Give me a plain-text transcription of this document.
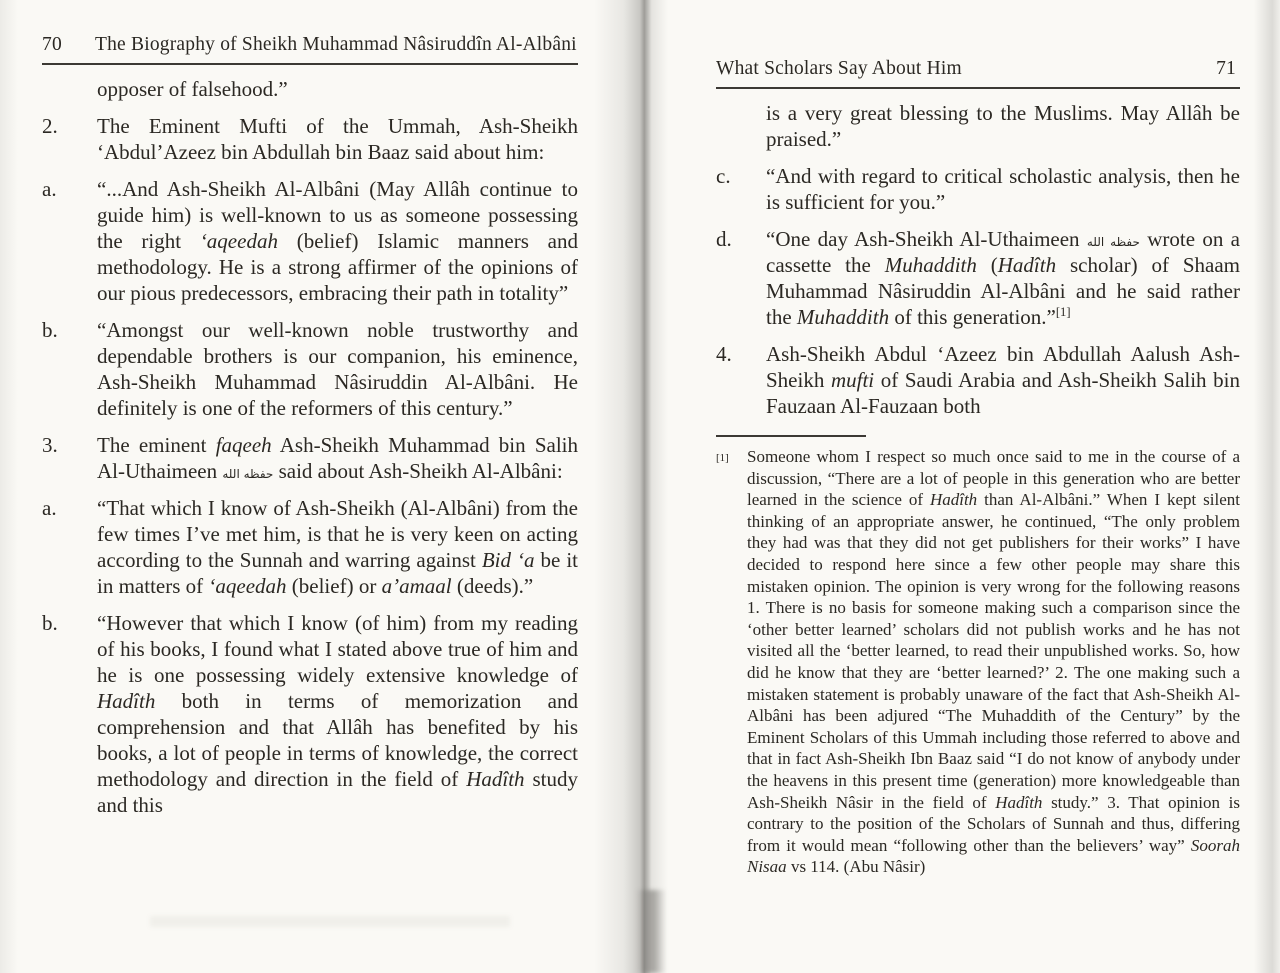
70	The Biography of Sheikh Muhammad Nâsiruddîn Al-Albâni
opposer of falsehood.”
2.	The Eminent Mufti of the Ummah, Ash-Sheikh ‘Abdul’Azeez bin Abdullah bin Baaz said about him:
a.	“...And Ash-Sheikh Al-Albâni (May Allâh continue to guide him) is well-known to us as someone possessing the right ‘aqeedah (belief) Islamic manners and methodology. He is a strong affirmer of the opinions of our pious predecessors, embracing their path in totality”
b.	“Amongst our well-known noble trustworthy and dependable brothers is our companion, his eminence, Ash-Sheikh Muhammad Nâsiruddin Al-Albâni. He definitely is one of the reformers of this century.”
3.	The eminent faqeeh Ash-Sheikh Muhammad bin Salih Al-Uthaimeen حفظه الله said about Ash-Sheikh Al-Albâni:
a.	“That which I know of Ash-Sheikh (Al-Albâni) from the few times I’ve met him, is that he is very keen on acting according to the Sunnah and warring against Bid ‘a be it in matters of ‘aqeedah (belief) or a’amaal (deeds).”
b.	“However that which I know (of him) from my reading of his books, I found what I stated above true of him and he is one possessing widely extensive knowledge of Hadîth both in terms of memorization and comprehension and that Allâh has benefited by his books, a lot of people in terms of knowledge, the correct methodology and direction in the field of Hadîth study and this
What Scholars Say About Him	71
is a very great blessing to the Muslims. May Allâh be praised.”
c.	“And with regard to critical scholastic analysis, then he is sufficient for you.”
d.	“One day Ash-Sheikh Al-Uthaimeen حفظه الله wrote on a cassette the Muhaddith (Hadîth scholar) of Shaam Muhammad Nâsiruddin Al-Albâni and he said rather the Muhaddith of this generation.”[1]
4.	Ash-Sheikh Abdul ‘Azeez bin Abdullah Aalush Ash-Sheikh mufti of Saudi Arabia and Ash-Sheikh Salih bin Fauzaan Al-Fauzaan both
[1]	Someone whom I respect so much once said to me in the course of a discussion, “There are a lot of people in this generation who are better learned in the science of Hadîth than Al-Albâni.” When I kept silent thinking of an appropriate answer, he continued, “The only problem they had was that they did not get publishers for their works” I have decided to respond here since a few other people may share this mistaken opinion. The opinion is very wrong for the following reasons 1. There is no basis for someone making such a comparison since the ‘other better learned’ scholars did not publish works and he has not visited all the ‘better learned, to read their unpublished works. So, how did he know that they are ‘better learned?’ 2. The one making such a mistaken statement is probably unaware of the fact that Ash-Sheikh Al-Albâni has been adjured “The Muhaddith of the Century” by the Eminent Scholars of this Ummah including those referred to above and that in fact Ash-Sheikh Ibn Baaz said “I do not know of anybody under the heavens in this present time (generation) more knowledgeable than Ash-Sheikh Nâsir in the field of Hadîth study.” 3. That opinion is contrary to the position of the Scholars of Sunnah and thus, differing from it would mean “following other than the believers’ way” Soorah Nisaa vs 114. (Abu Nâsir)
